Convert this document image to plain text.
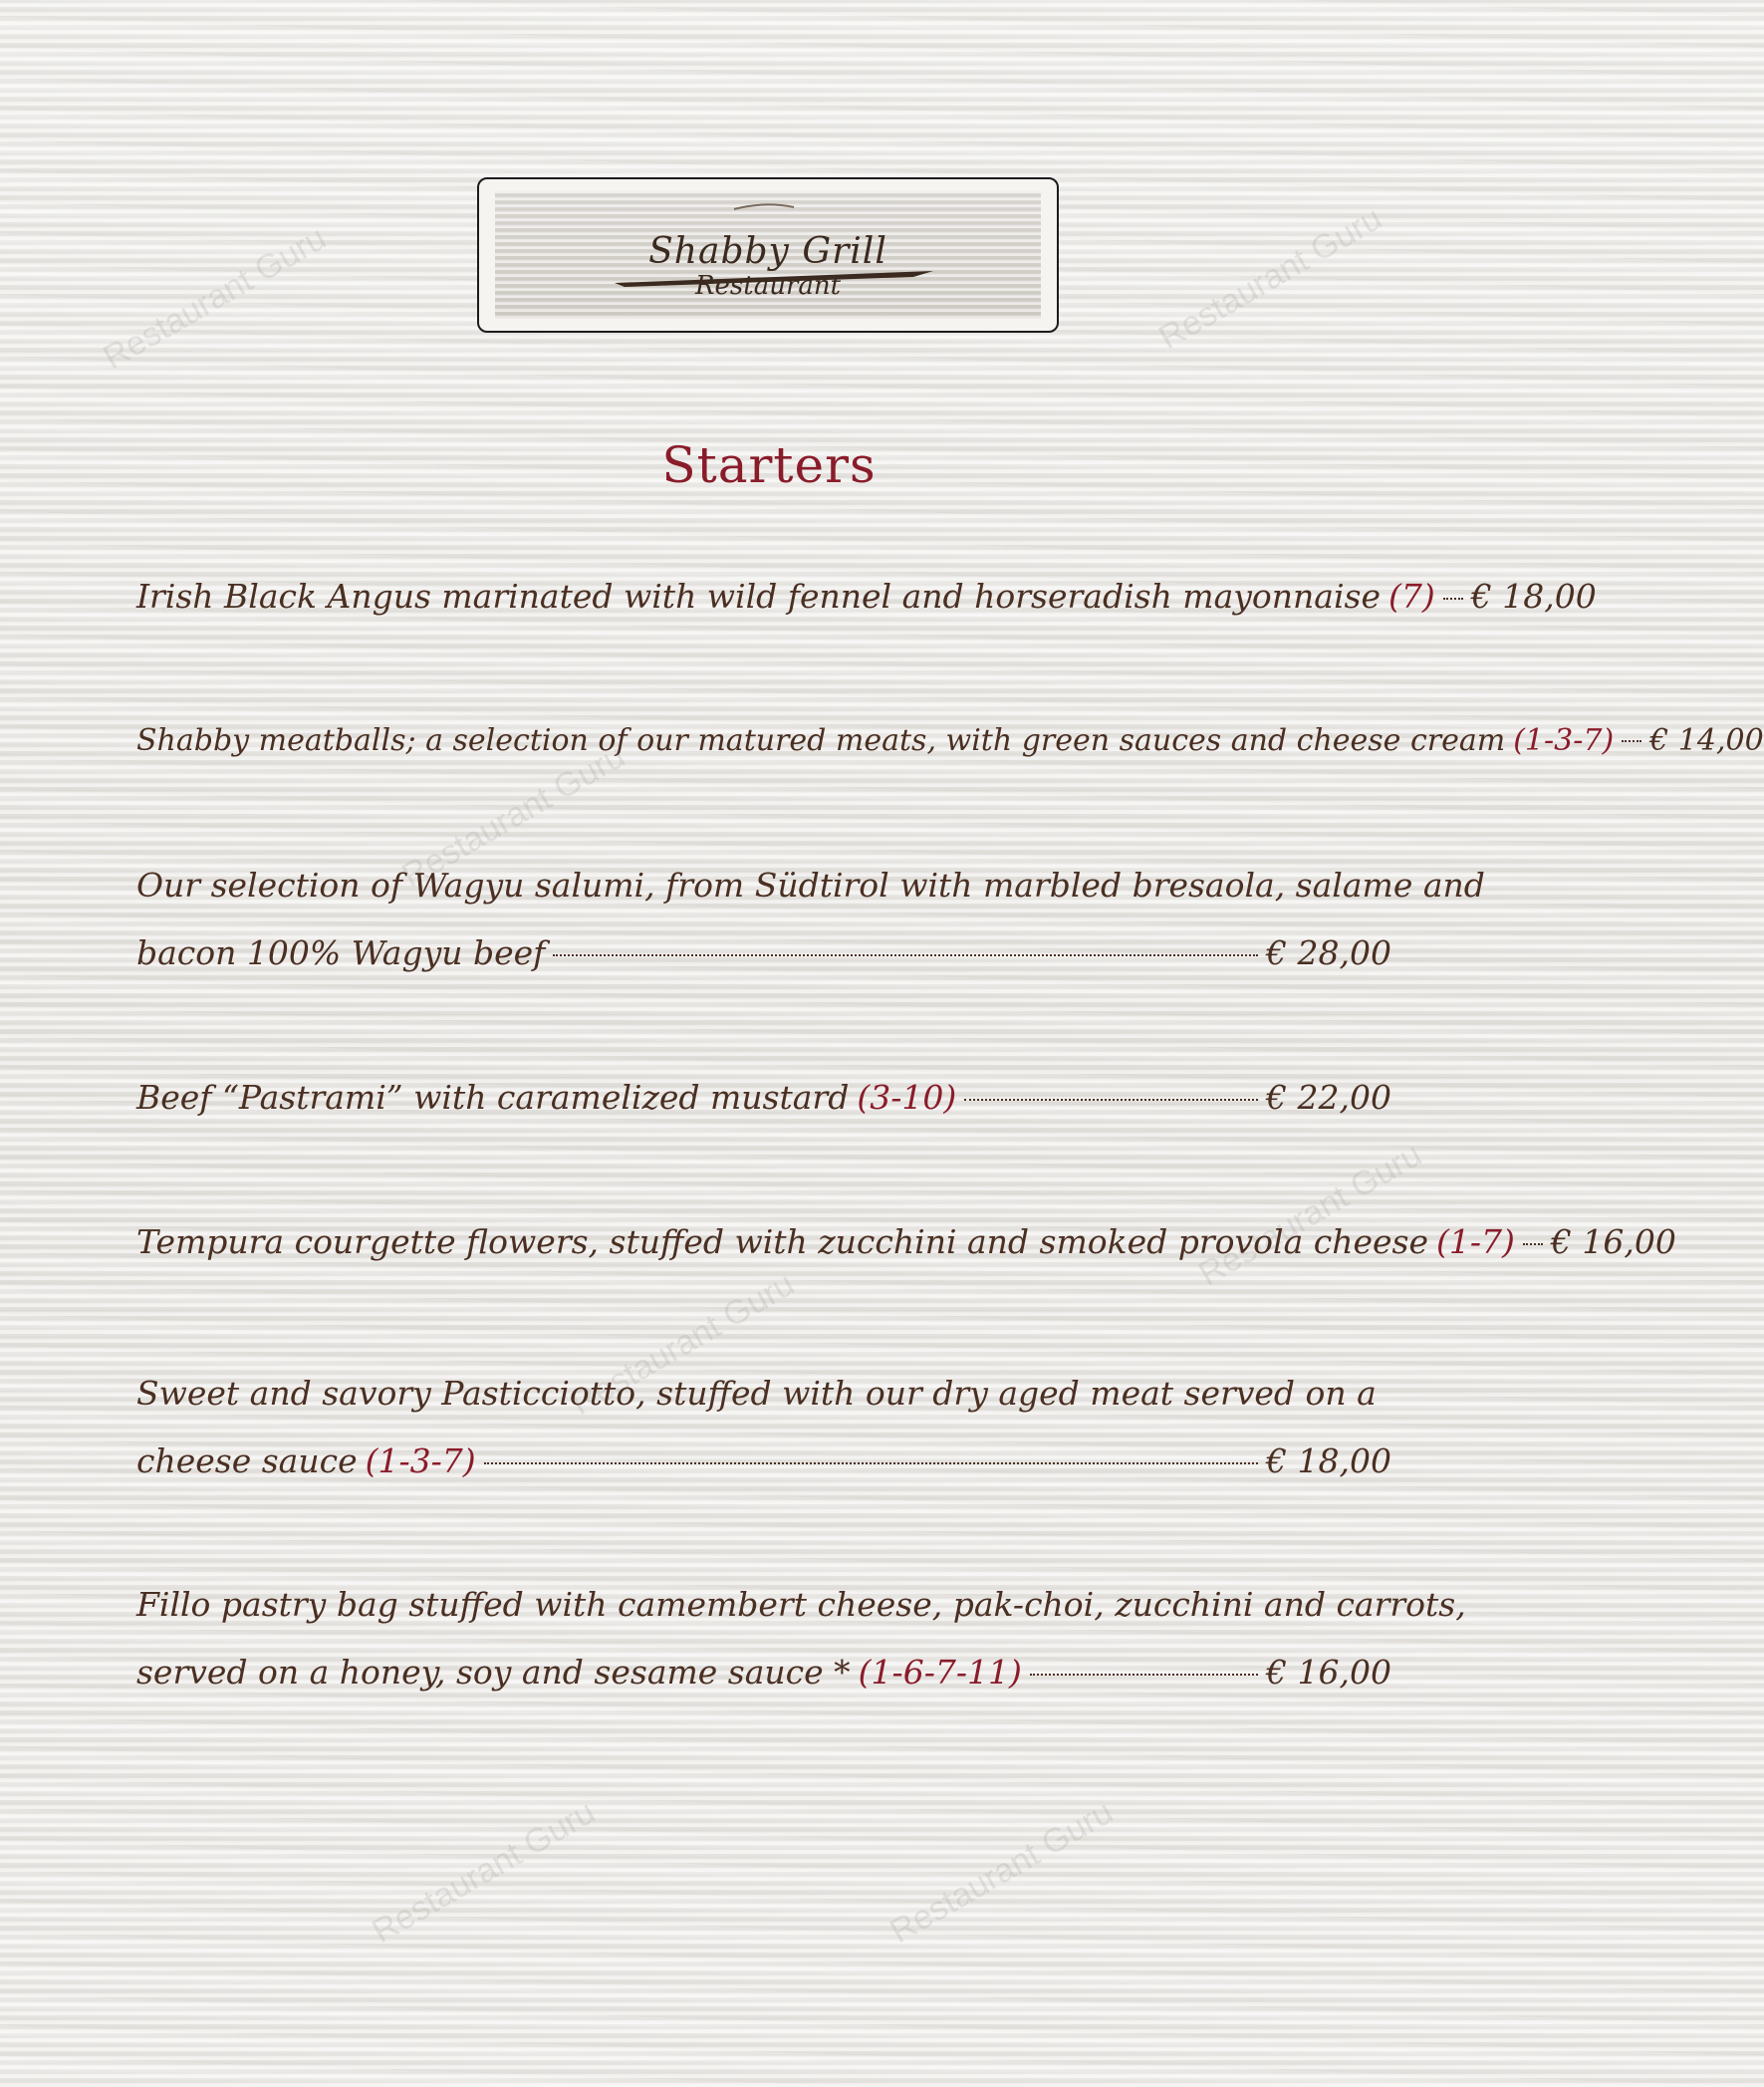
Restaurant Guru	Restaurant Guru
Restaurant Guru
Restaurant Guru
Restaurant Guru
Restaurant Guru	Restaurant Guru
Shabby Grill
Restaurant
Starters
Irish Black Angus marinated with wild fennel and horseradish mayonnaise (7) € 18,00
Shabby meatballs; a selection of our matured meats, with green sauces and cheese cream (1-3-7) € 14,00
Our selection of Wagyu salumi, from Südtirol with marbled bresaola, salame and
bacon 100% Wagyu beef	€ 28,00
Beef “Pastrami” with caramelized mustard (3-10)	€ 22,00
Tempura courgette flowers, stuffed with zucchini and smoked provola cheese (1-7) € 16,00
Sweet and savory Pasticciotto, stuffed with our dry aged meat served on a
cheese sauce (1-3-7)	€ 18,00
Fillo pastry bag stuffed with camembert cheese, pak-choi, zucchini and carrots,
served on a honey, soy and sesame sauce * (1-6-7-11)	€ 16,00
